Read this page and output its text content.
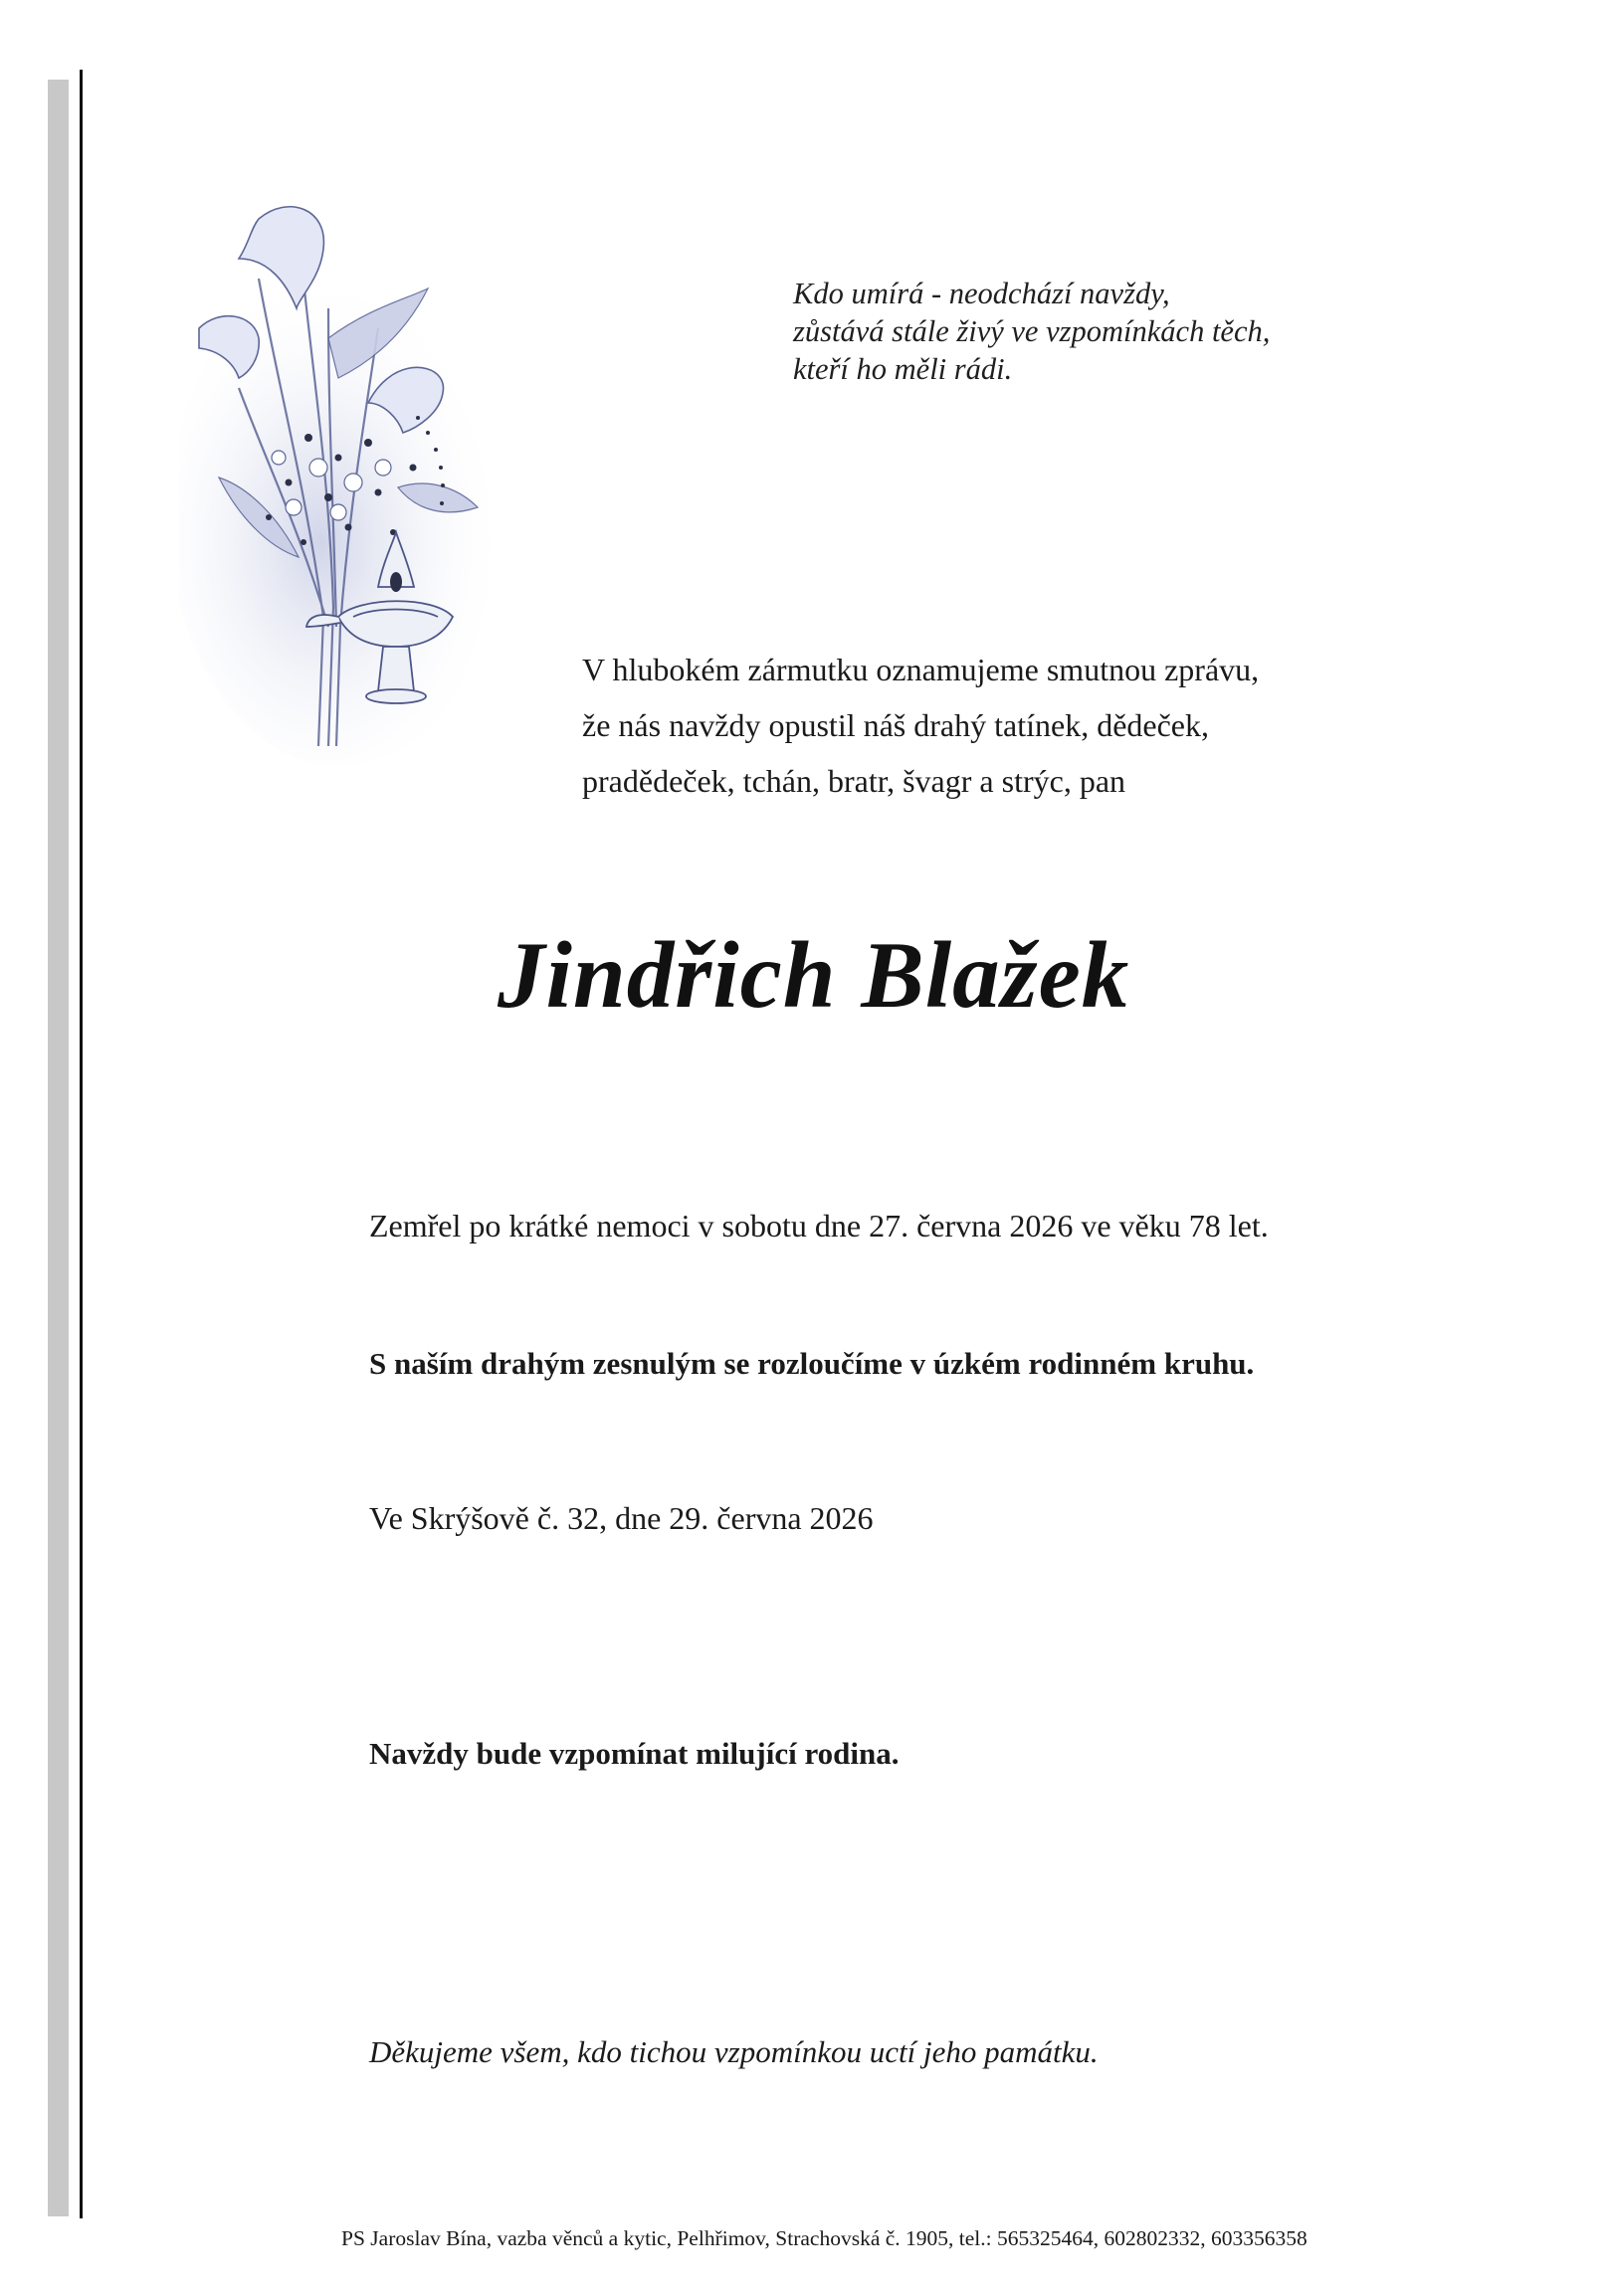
Kdo umírá - neodchází navždy,
zůstává stále živý ve vzpomínkách těch,
kteří ho měli rádi.
V hlubokém zármutku oznamujeme smutnou zprávu,
že nás navždy opustil náš drahý tatínek, dědeček,
pradědeček, tchán, bratr, švagr a strýc, pan
Jindřich Blažek
Zemřel po krátké nemoci v sobotu dne 27. června 2026 ve věku 78 let.
S naším drahým zesnulým se rozloučíme v úzkém rodinném kruhu.
Ve Skrýšově č. 32, dne 29. června 2026
Navždy bude vzpomínat milující rodina.
Děkujeme všem, kdo tichou vzpomínkou uctí jeho památku.
PS Jaroslav Bína, vazba věnců a kytic, Pelhřimov, Strachovská č. 1905, tel.: 565325464, 602802332, 603356358
